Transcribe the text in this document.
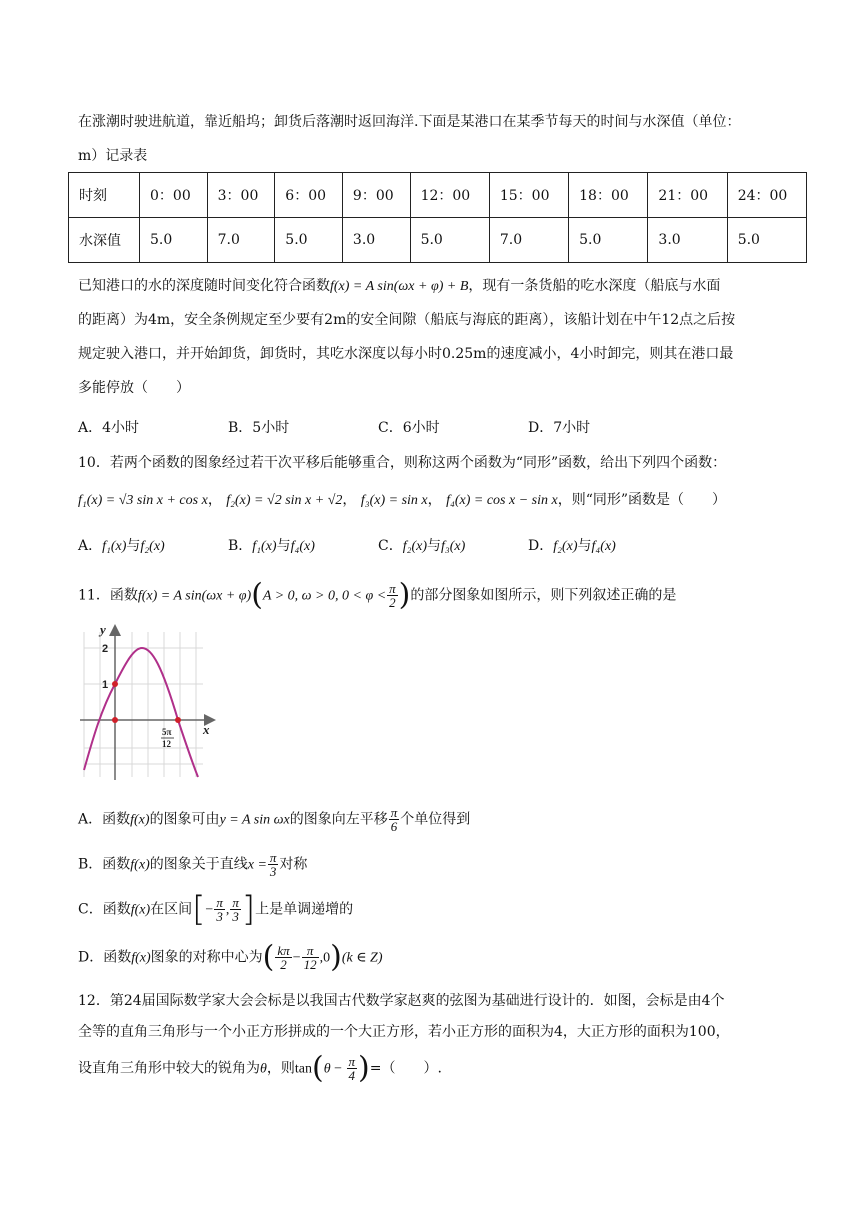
在涨潮时驶进航道，靠近船坞；卸货后落潮时返回海洋.下面是某港口在某季节每天的时间与水深值（单位：
m）记录表
时刻	0：00	3：00	6：00	9：00	12：00	15：00	18：00	21：00	24：00
水深值	5.0	7.0	5.0	3.0	5.0	7.0	5.0	3.0	5.0
已知港口的水的深度随时间变化符合函数f(x) = A sin(ωx + φ) + B，现有一条货船的吃水深度（船底与水面
的距离）为4m，安全条例规定至少要有2m的安全间隙（船底与海底的距离），该船计划在中午12点之后按
规定驶入港口，并开始卸货，卸货时，其吃水深度以每小时0.25m的速度减小，4小时卸完，则其在港口最
多能停放（　　）
A．4小时	B．5小时	C．6小时	D．7小时
10．若两个函数的图象经过若干次平移后能够重合，则称这两个函数为“同形”函数，给出下列四个函数：
f₁(x) = √3 sin x + cos x， f₂(x) = √2 sin x + √2， f₃(x) = sin x， f₄(x) = cos x − sin x，则“同形”函数是（　　）
A．f₁(x)与f₂(x)	B．f₁(x)与f₄(x)	C．f₂(x)与f₃(x)	D．f₂(x)与f₄(x)
11．函数f(x) = A sin(ωx + φ)(A > 0, ω > 0, $0 < \varphi < \frac{\pi}{2}$ )的部分图象如图所示，则下列叙述正确的是
y
x
2
1
5π
12
A．函数f(x)的图象可由y = A sin ωx的图象向左平移 $\frac{\pi}{6}$ 个单位得到
B．函数f(x)的图象关于直线$x = \frac{\pi}{3}$ 对称
C．函数f(x)在区间[− $\frac{\pi}{3}$ , $\frac{\pi}{3}$ ]上是单调递增的
D．函数f(x)图象的对称中心为( $\frac{k\pi}{2} - \frac{\pi}{12} ,0)(k$ ∈ Z)
12．第24届国际数学家大会会标是以我国古代数学家赵爽的弦图为基础进行设计的．如图，会标是由4个
全等的直角三角形与一个小正方形拼成的一个大正方形，若小正方形的面积为4，大正方形的面积为100，
设直角三角形中较大的锐角为θ，则$\tan(\theta - \frac{\pi}{4}$ )=（　　）.
